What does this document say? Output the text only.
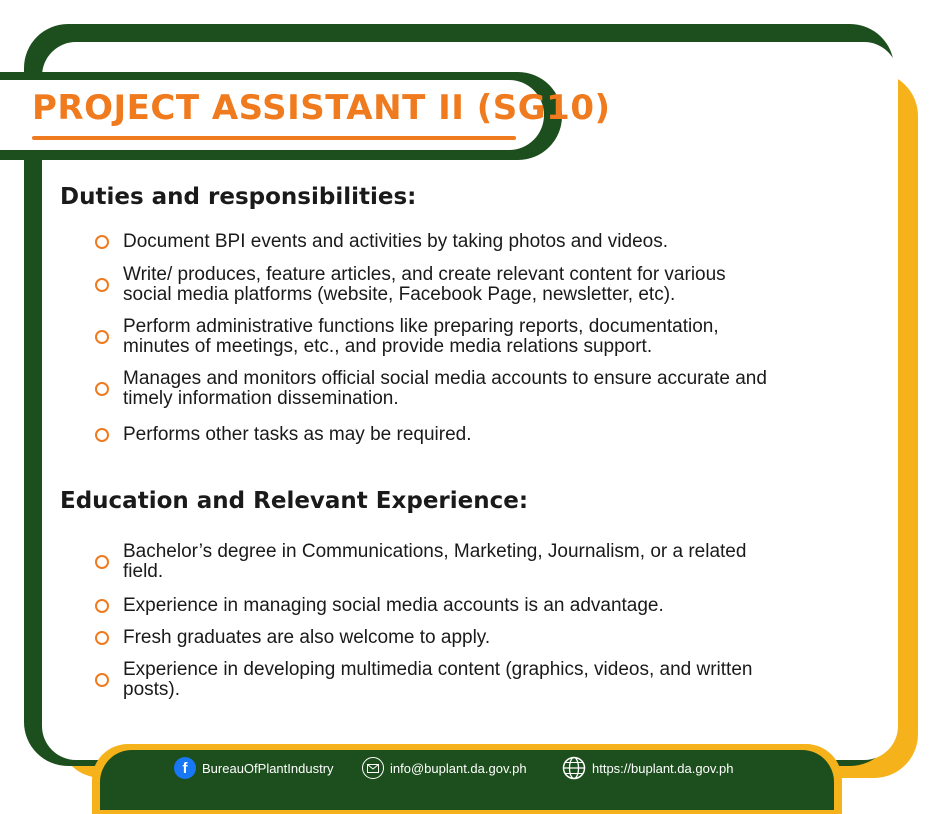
PROJECT ASSISTANT II (SG10)
Duties and responsibilities:
Document BPI events and activities by taking photos and videos.
Write/ produces, feature articles, and create relevant content for various
social media platforms (website, Facebook Page, newsletter, etc).
Perform administrative functions like preparing reports, documentation,
minutes of meetings, etc., and provide media relations support.
Manages and monitors official social media accounts to ensure accurate and
timely information dissemination.
Performs other tasks as may be required.
Education and Relevant Experience:
Bachelor’s degree in Communications, Marketing, Journalism, or a related
field.
Experience in managing social media accounts is an advantage.
Fresh graduates are also welcome to apply.
Experience in developing multimedia content (graphics, videos, and written
posts).
f	BureauOfPlantIndustry	info@buplant.da.gov.ph	https://buplant.da.gov.ph
